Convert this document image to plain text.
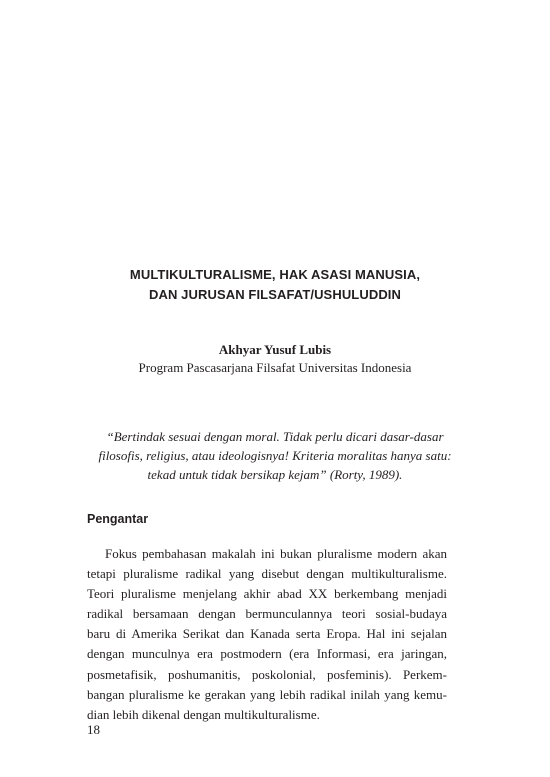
MULTIKULTURALISME, HAK ASASI MANUSIA,
DAN JURUSAN FILSAFAT/USHULUDDIN
Akhyar Yusuf Lubis
Program Pascasarjana Filsafat Universitas Indonesia
“Bertindak sesuai dengan moral. Tidak perlu dicari dasar-dasar
filosofis, religius, atau ideologisnya! Kriteria moralitas hanya satu:
tekad untuk tidak bersikap kejam” (Rorty, 1989).
Pengantar
Fokus pembahasan makalah ini bukan pluralisme modern akan
tetapi pluralisme radikal yang disebut dengan multikulturalisme.
Teori pluralisme menjelang akhir abad XX berkembang menjadi
radikal bersamaan dengan bermunculannya teori sosial-budaya
baru di Amerika Serikat dan Kanada serta Eropa. Hal ini sejalan
dengan munculnya era postmodern (era Informasi, era jaringan,
posmetafisik, poshumanitis, poskolonial, posfeminis). Perkem-
bangan pluralisme ke gerakan yang lebih radikal inilah yang kemu-
dian lebih dikenal dengan multikulturalisme.
18
